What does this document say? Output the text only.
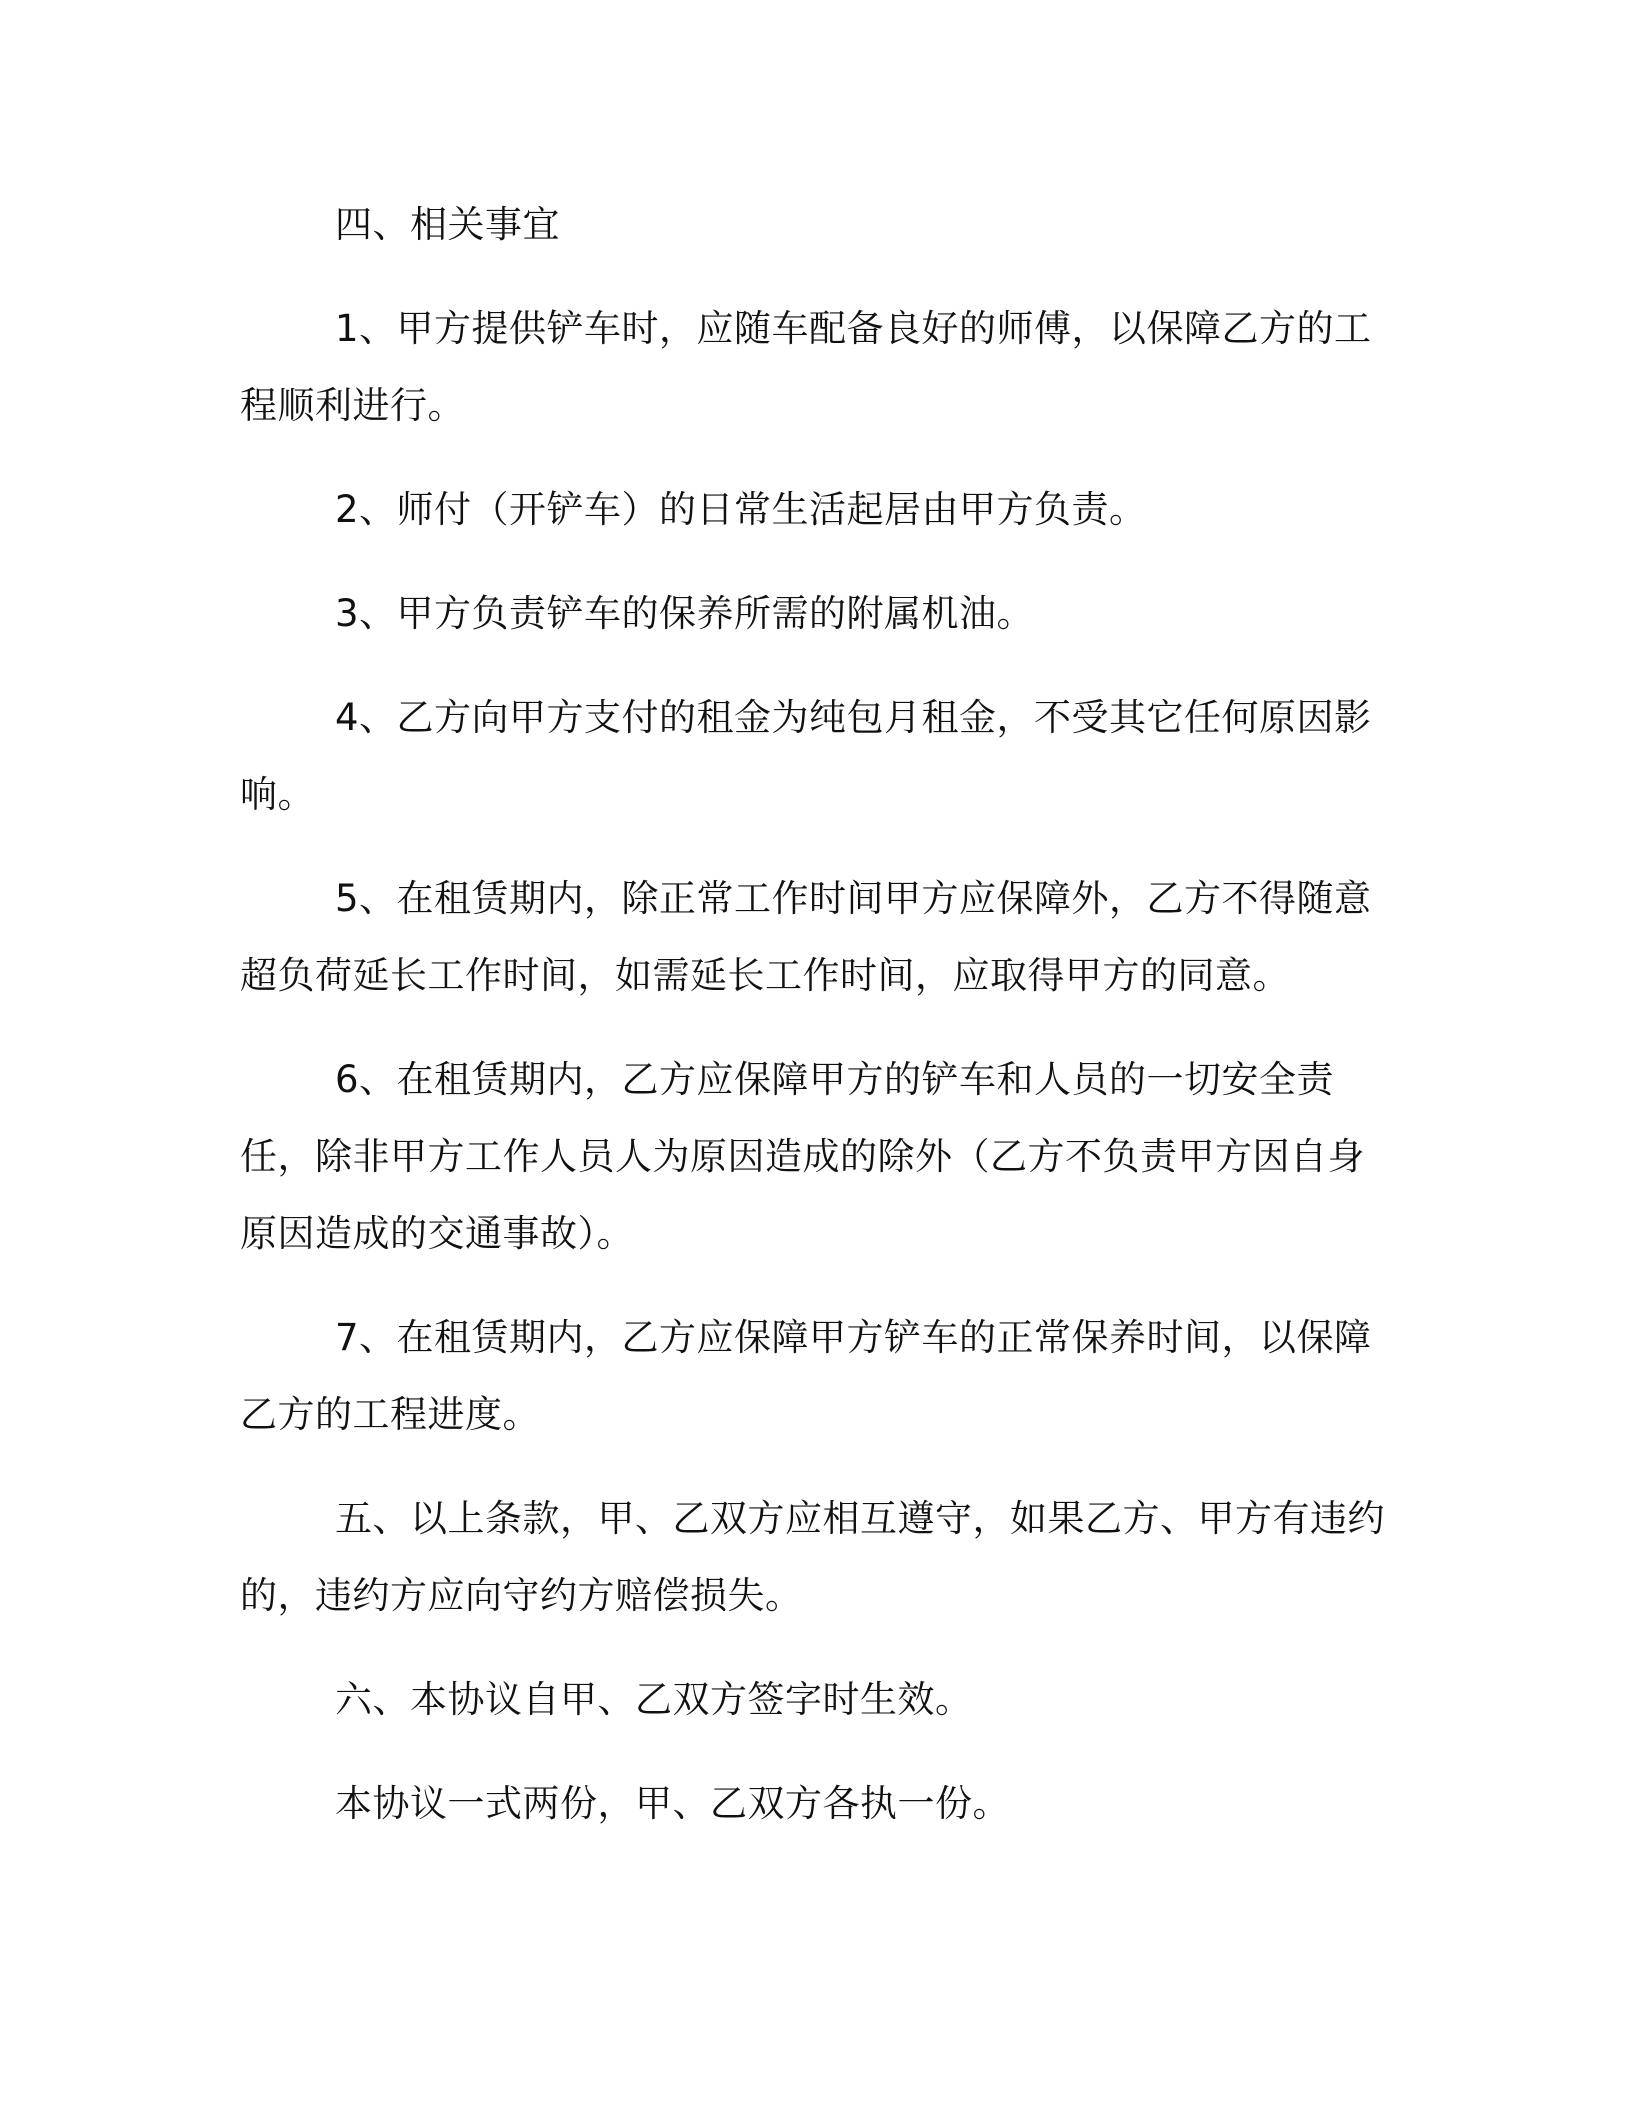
四、相关事宜

1、甲方提供铲车时，应随车配备良好的师傅，以保障乙方的工程顺利进行。

2、师付（开铲车）的日常生活起居由甲方负责。

3、甲方负责铲车的保养所需的附属机油。

4、乙方向甲方支付的租金为纯包月租金，不受其它任何原因影响。

5、在租赁期内，除正常工作时间甲方应保障外，乙方不得随意超负荷延长工作时间，如需延长工作时间，应取得甲方的同意。

6、在租赁期内，乙方应保障甲方的铲车和人员的一切安全责任，除非甲方工作人员人为原因造成的除外（乙方不负责甲方因自身原因造成的交通事故）。

7、在租赁期内，乙方应保障甲方铲车的正常保养时间，以保障乙方的工程进度。

五、以上条款，甲、乙双方应相互遵守，如果乙方、甲方有违约的，违约方应向守约方赔偿损失。

六、本协议自甲、乙双方签字时生效。

本协议一式两份，甲、乙双方各执一份。
